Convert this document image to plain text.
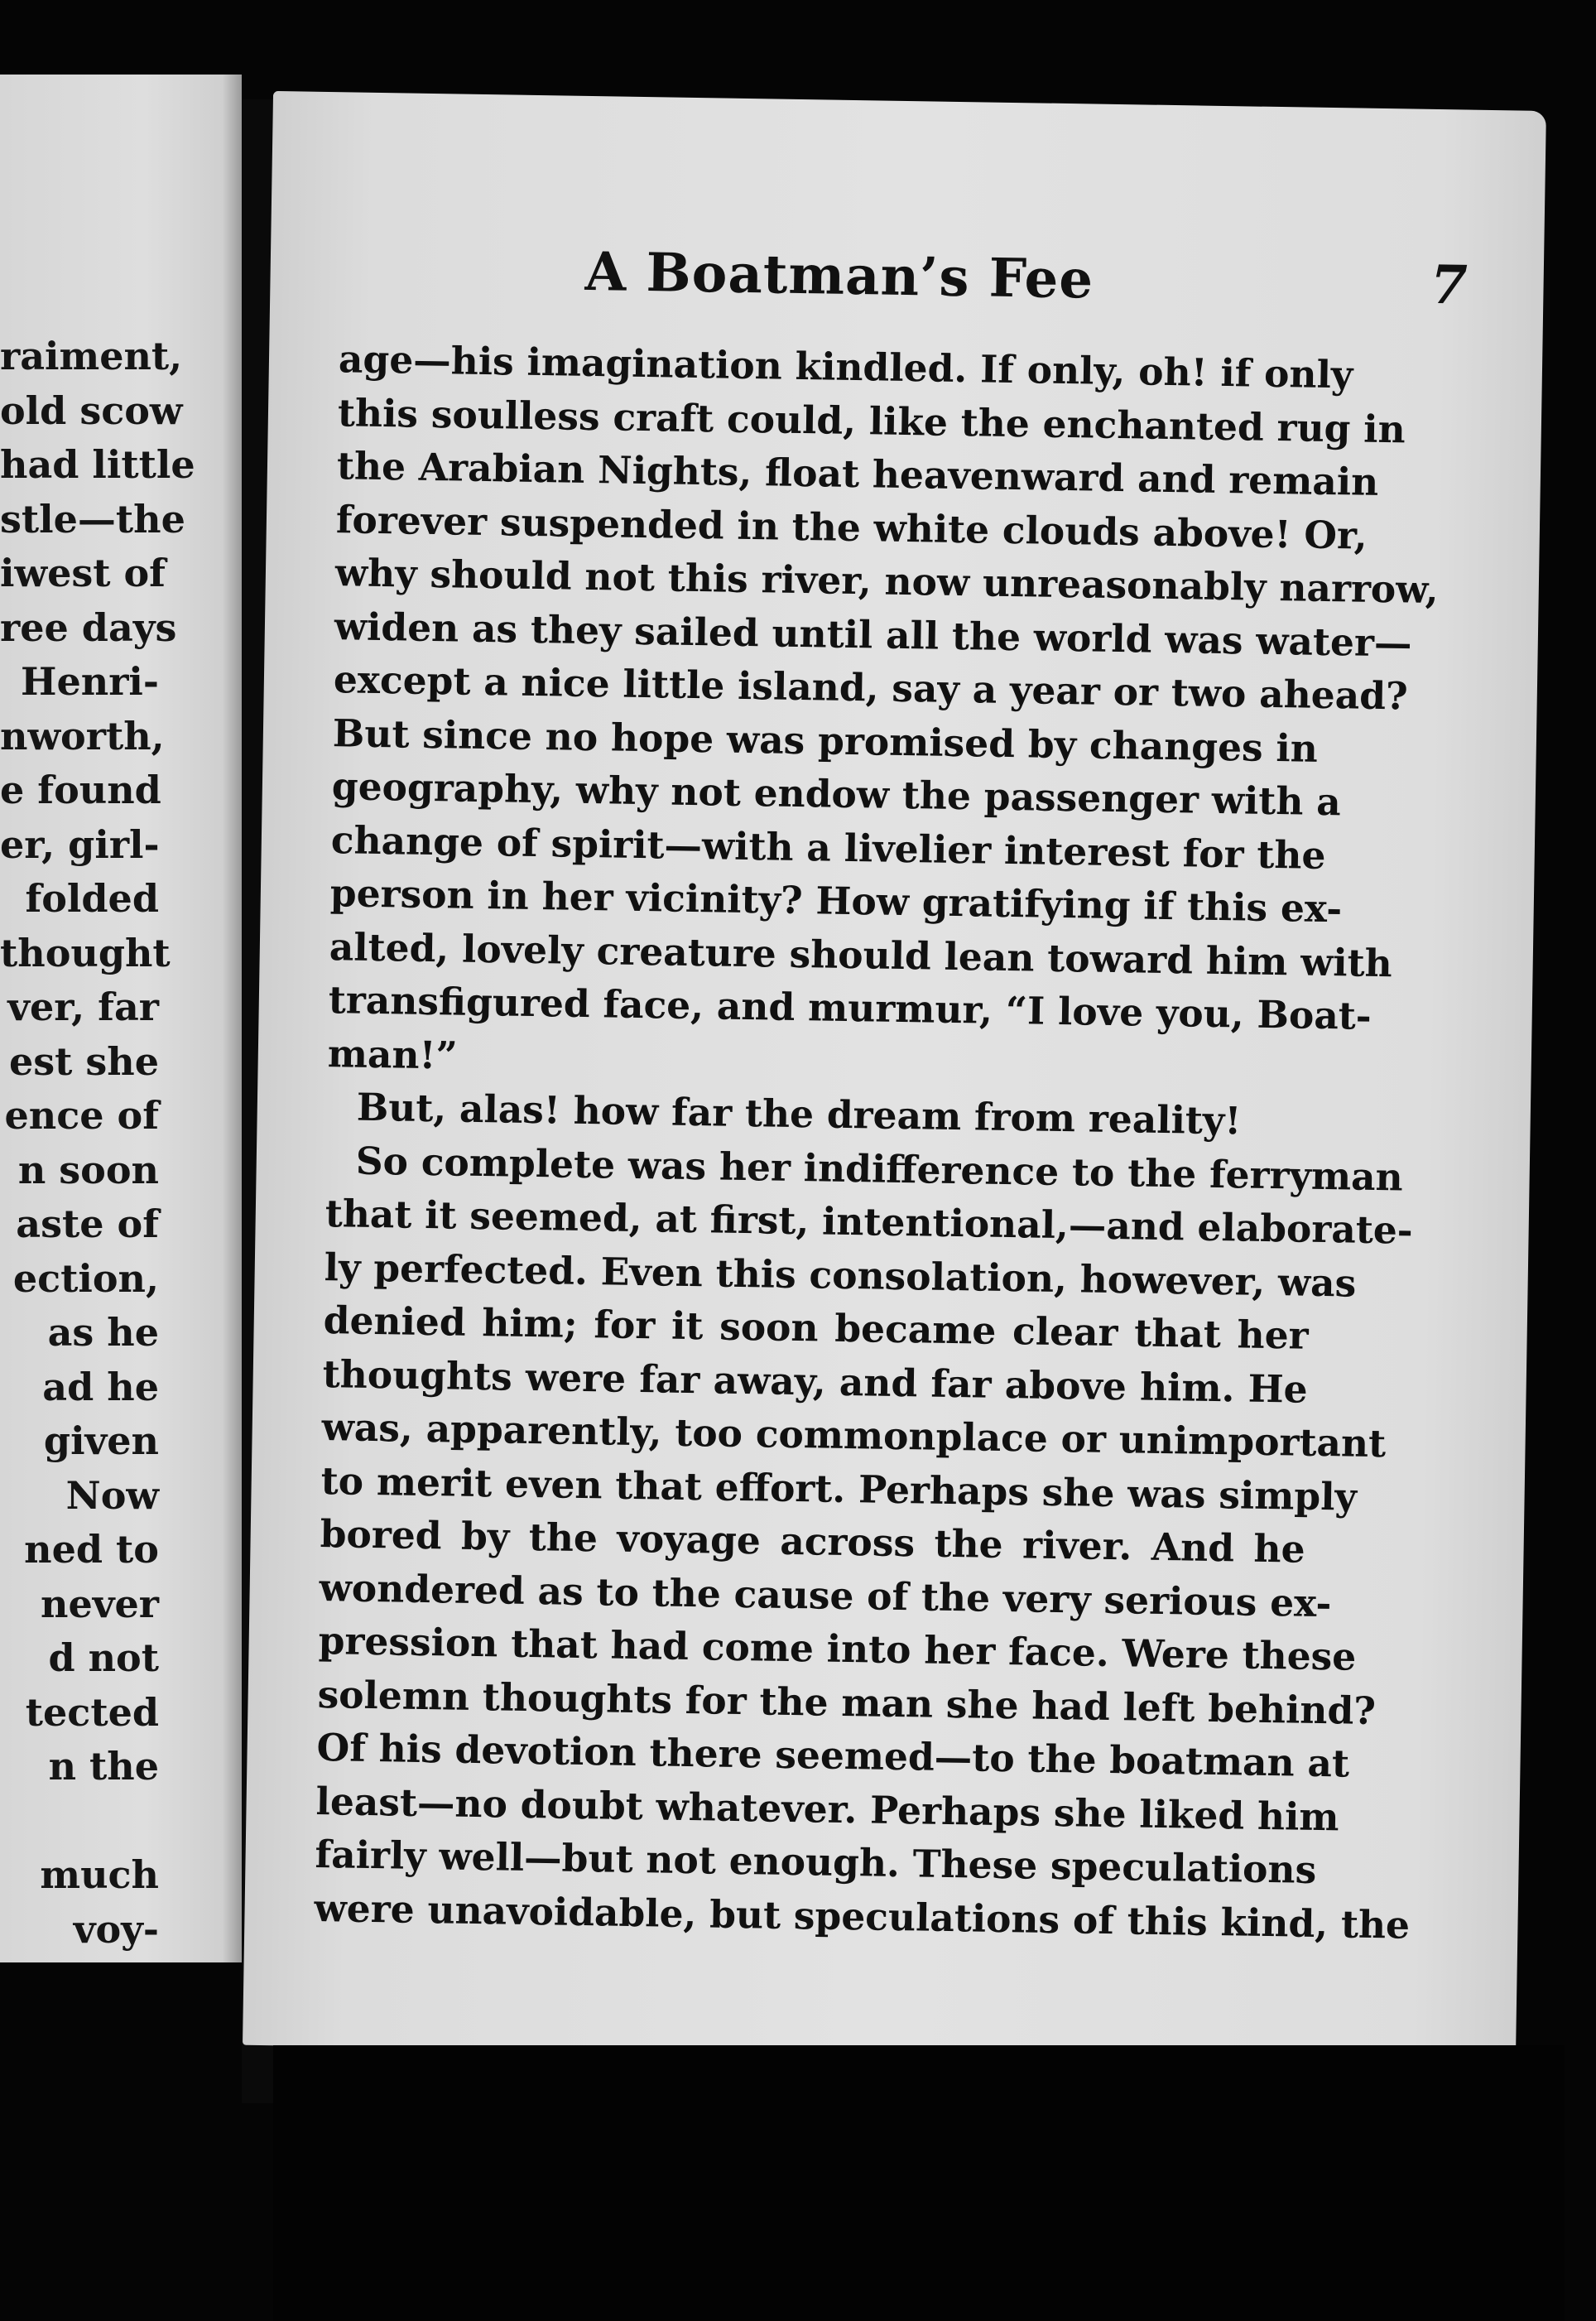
raiment,
old scow
had little
stle—the
iwest of
ree days
Henri-
nworth,
e found
er, girl-
folded
thought
ver, far
est she
ence of
n soon
aste of
ection,
as he
ad he
given
Now
ned to
never
d not
tected
n the
much
voy-
A Boatman’s Fee	7
age—his imagination kindled. If only, oh! if only
this soulless craft could, like the enchanted rug in
the Arabian Nights, float heavenward and remain
forever suspended in the white clouds above! Or,
why should not this river, now unreasonably narrow,
widen as they sailed until all the world was water—
except a nice little island, say a year or two ahead?
But since no hope was promised by changes in
geography, why not endow the passenger with a
change of spirit—with a livelier interest for the
person in her vicinity? How gratifying if this ex-
alted, lovely creature should lean toward him with
transfigured face, and murmur, “I love you, Boat-
man!”
But, alas! how far the dream from reality!
So complete was her indifference to the ferryman
that it seemed, at first, intentional,—and elaborate-
ly perfected. Even this consolation, however, was
denied him; for it soon became clear that her
thoughts were far away, and far above him. He
was, apparently, too commonplace or unimportant
to merit even that effort. Perhaps she was simply
bored by the voyage across the river. And he
wondered as to the cause of the very serious ex-
pression that had come into her face. Were these
solemn thoughts for the man she had left behind?
Of his devotion there seemed—to the boatman at
least—no doubt whatever. Perhaps she liked him
fairly well—but not enough. These speculations
were unavoidable, but speculations of this kind, the
